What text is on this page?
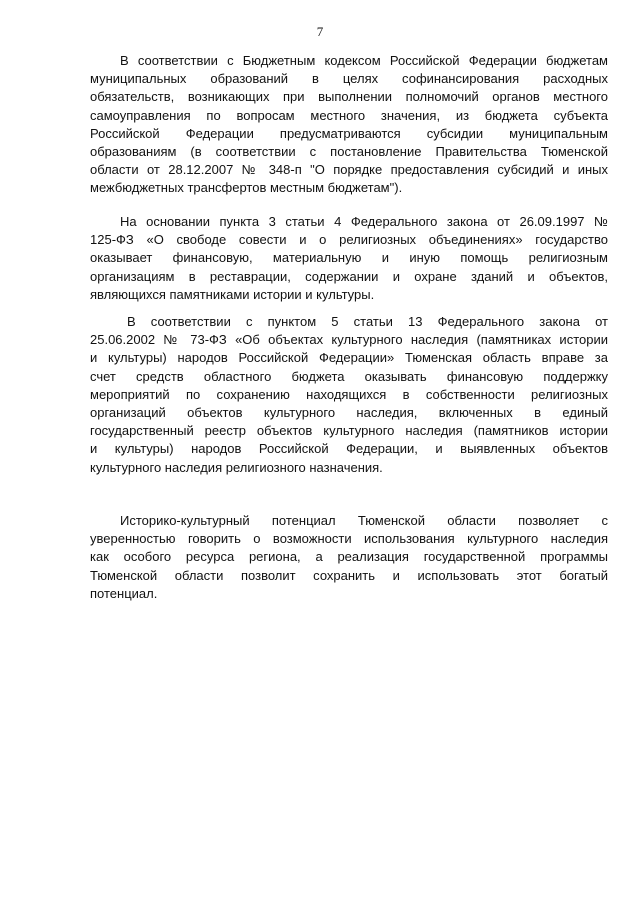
7
В соответствии с Бюджетным кодексом Российской Федерации бюджетам
муниципальных образований в целях софинансирования расходных
обязательств, возникающих при выполнении полномочий органов местного
самоуправления по вопросам местного значения, из бюджета субъекта
Российской Федерации предусматриваются субсидии муниципальным
образованиям (в соответствии с постановление Правительства Тюменской
области от 28.12.2007 № 348-п "О порядке предоставления субсидий и иных
межбюджетных трансфертов местным бюджетам").
На основании пункта 3 статьи 4 Федерального закона от 26.09.1997 №
125-ФЗ «О свободе совести и о религиозных объединениях» государство
оказывает финансовую, материальную и иную помощь религиозным
организациям в реставрации, содержании и охране зданий и объектов,
являющихся памятниками истории и культуры.
В соответствии с пунктом 5 статьи 13 Федерального закона от
25.06.2002 № 73-ФЗ «Об объектах культурного наследия (памятниках истории
и культуры) народов Российской Федерации» Тюменская область вправе за
счет средств областного бюджета оказывать финансовую поддержку
мероприятий по сохранению находящихся в собственности религиозных
организаций объектов культурного наследия, включенных в единый
государственный реестр объектов культурного наследия (памятников истории
и культуры) народов Российской Федерации, и выявленных объектов
культурного наследия религиозного назначения.
Историко-культурный потенциал Тюменской области позволяет с
уверенностью говорить о возможности использования культурного наследия
как особого ресурса региона, а реализация государственной программы
Тюменской области позволит сохранить и использовать этот богатый
потенциал.
